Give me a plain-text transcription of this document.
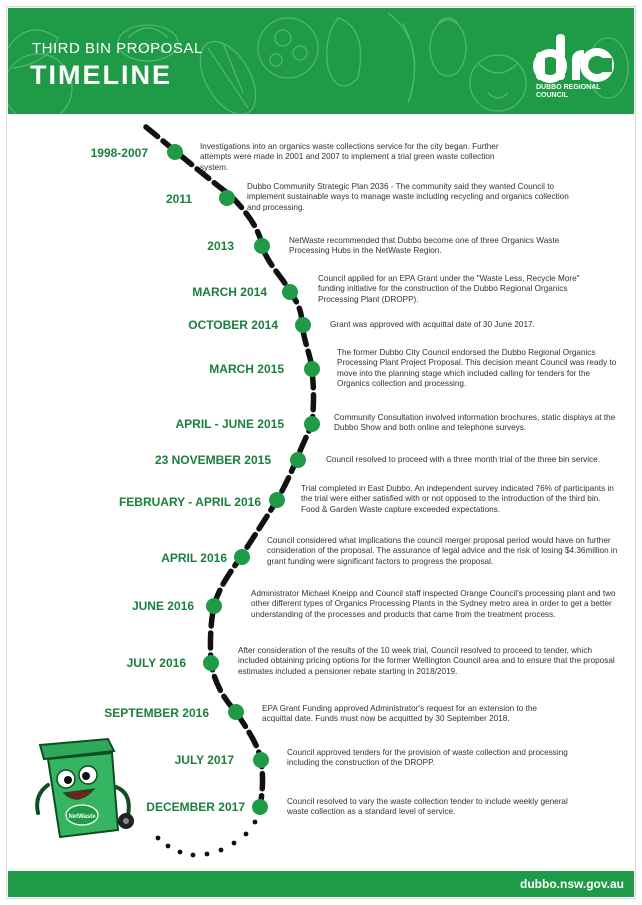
THIRD BIN PROPOSAL
TIMELINE	DUBBO REGIONAL
COUNCIL
1998-2007
2011
2013
MARCH 2014
OCTOBER 2014
MARCH 2015
APRIL - JUNE 2015
23 NOVEMBER 2015
FEBRUARY - APRIL 2016
APRIL 2016
JUNE 2016
JULY 2016
SEPTEMBER 2016
JULY 2017
DECEMBER 2017
Investigations into an organics waste collections service for the city began. Further attempts were made in 2001 and 2007 to implement a trial green waste collection system.
Dubbo Community Strategic Plan 2036 - The community said they wanted Council to implement sustainable ways to manage waste including recycling and organics collection and processing.
NetWaste recommended that Dubbo become one of three Organics Waste Processing Hubs in the NetWaste Region.
Council applied for an EPA Grant under the "Waste Less, Recycle More" funding initiative for the construction of the Dubbo Regional Organics Processing Plant (DROPP).
Grant was approved with acquittal date of 30 June 2017.
The former Dubbo City Council endorsed the Dubbo Regional Organics Processing Plant Project Proposal. This decision meant Council was ready to move into the planning stage which included calling for tenders for the Organics collection and processing.
Community Consultation involved information brochures, static displays at the Dubbo Show and both online and telephone surveys.
Council resolved to proceed with a three month trial of the three bin service.
Trial completed in East Dubbo. An independent survey indicated 76% of participants in the trial were either satisfied with or not opposed to the introduction of the third bin. Food & Garden Waste capture exceeded expectations.
Council considered what implications the council merger proposal period would have on further consideration of the proposal. The assurance of legal advice and the risk of losing $4.36million in grant funding were significant factors to progress the proposal.
Administrator Michael Kneipp and Council staff inspected Orange Council's processing plant and two other different types of Organics Processing Plants in the Sydney metro area in order to get a better understanding of the processes and products that came from the treatment process.
After consideration of the results of the 10 week trial, Council resolved to proceed to tender, which included obtaining pricing options for the former Wellington Council area and to ensure that the proposal estimates included a pensioner rebate starting in 2018/2019.
EPA Grant Funding approved Administrator's request for an extension to the acquittal date. Funds must now be acquitted by 30 September 2018.
Council approved tenders for the provision of waste collection and processing including the construction of the DROPP.
Council resolved to vary the waste collection tender to include weekly general waste collection as a standard level of service.
NetWaste
dubbo.nsw.gov.au
